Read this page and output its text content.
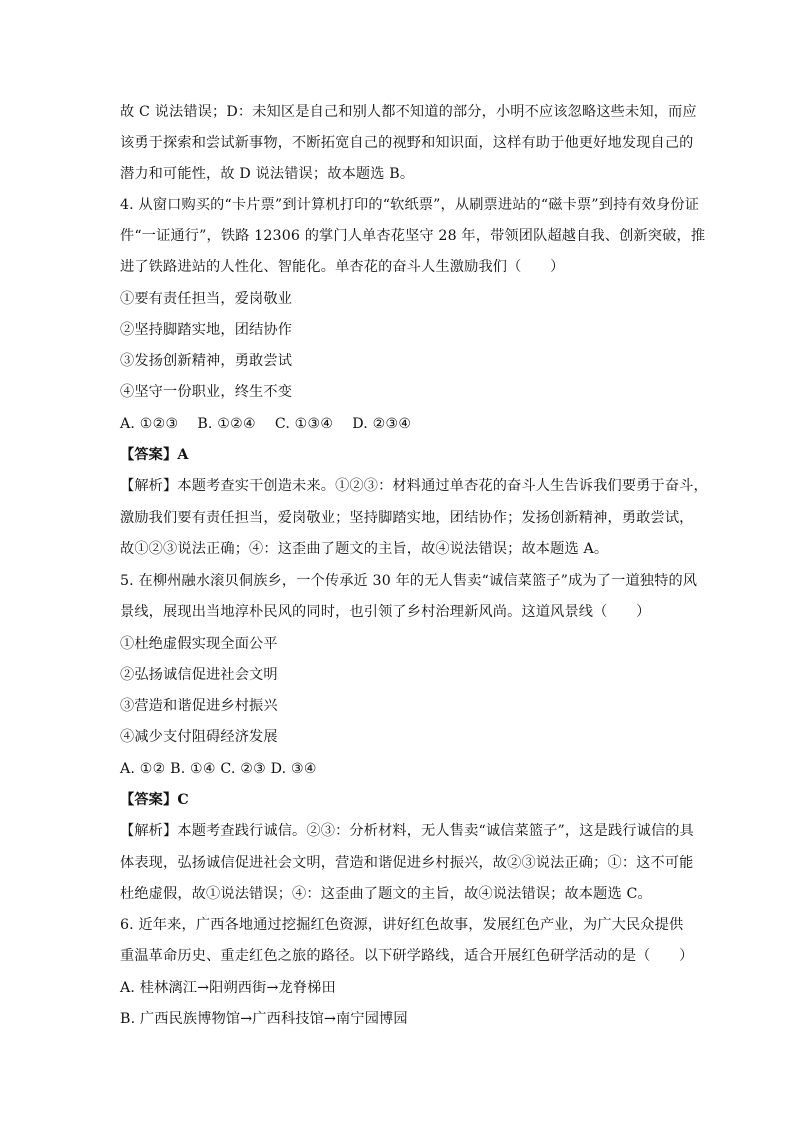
故 C 说法错误；D：未知区是自己和别人都不知道的部分，小明不应该忽略这些未知，而应
该勇于探索和尝试新事物，不断拓宽自己的视野和知识面，这样有助于他更好地发现自己的
潜力和可能性，故 D 说法错误；故本题选 B。
4. 从窗口购买的“卡片票”到计算机打印的“软纸票”，从刷票进站的“磁卡票”到持有效身份证
件“一证通行”，铁路 12306 的掌门人单杏花坚守 28 年，带领团队超越自我、创新突破，推
进了铁路进站的人性化、智能化。单杏花的奋斗人生激励我们（　　）
①要有责任担当，爱岗敬业
②坚持脚踏实地，团结协作
③发扬创新精神，勇敢尝试
④坚守一份职业，终生不变
A. ①②③　 B. ①②④　 C. ①③④　 D. ②③④
【答案】A
【解析】本题考查实干创造未来。①②③：材料通过单杏花的奋斗人生告诉我们要勇于奋斗，
激励我们要有责任担当，爱岗敬业；坚持脚踏实地，团结协作；发扬创新精神，勇敢尝试，
故①②③说法正确；④：这歪曲了题文的主旨，故④说法错误；故本题选 A。
5. 在柳州融水滚贝侗族乡，一个传承近 30 年的无人售卖“诚信菜篮子”成为了一道独特的风
景线，展现出当地淳朴民风的同时，也引领了乡村治理新风尚。这道风景线（　　）
①杜绝虚假实现全面公平
②弘扬诚信促进社会文明
③营造和谐促进乡村振兴
④减少支付阻碍经济发展
A. ①② B. ①④ C. ②③ D. ③④
【答案】C
【解析】本题考查践行诚信。②③：分析材料，无人售卖“诚信菜篮子”，这是践行诚信的具
体表现，弘扬诚信促进社会文明，营造和谐促进乡村振兴，故②③说法正确；①：这不可能
杜绝虚假，故①说法错误；④：这歪曲了题文的主旨，故④说法错误；故本题选 C。
6. 近年来，广西各地通过挖掘红色资源，讲好红色故事，发展红色产业，为广大民众提供
重温革命历史、重走红色之旅的路径。以下研学路线，适合开展红色研学活动的是（　　）
A. 桂林漓江→阳朔西街→龙脊梯田
B. 广西民族博物馆→广西科技馆→南宁园博园
